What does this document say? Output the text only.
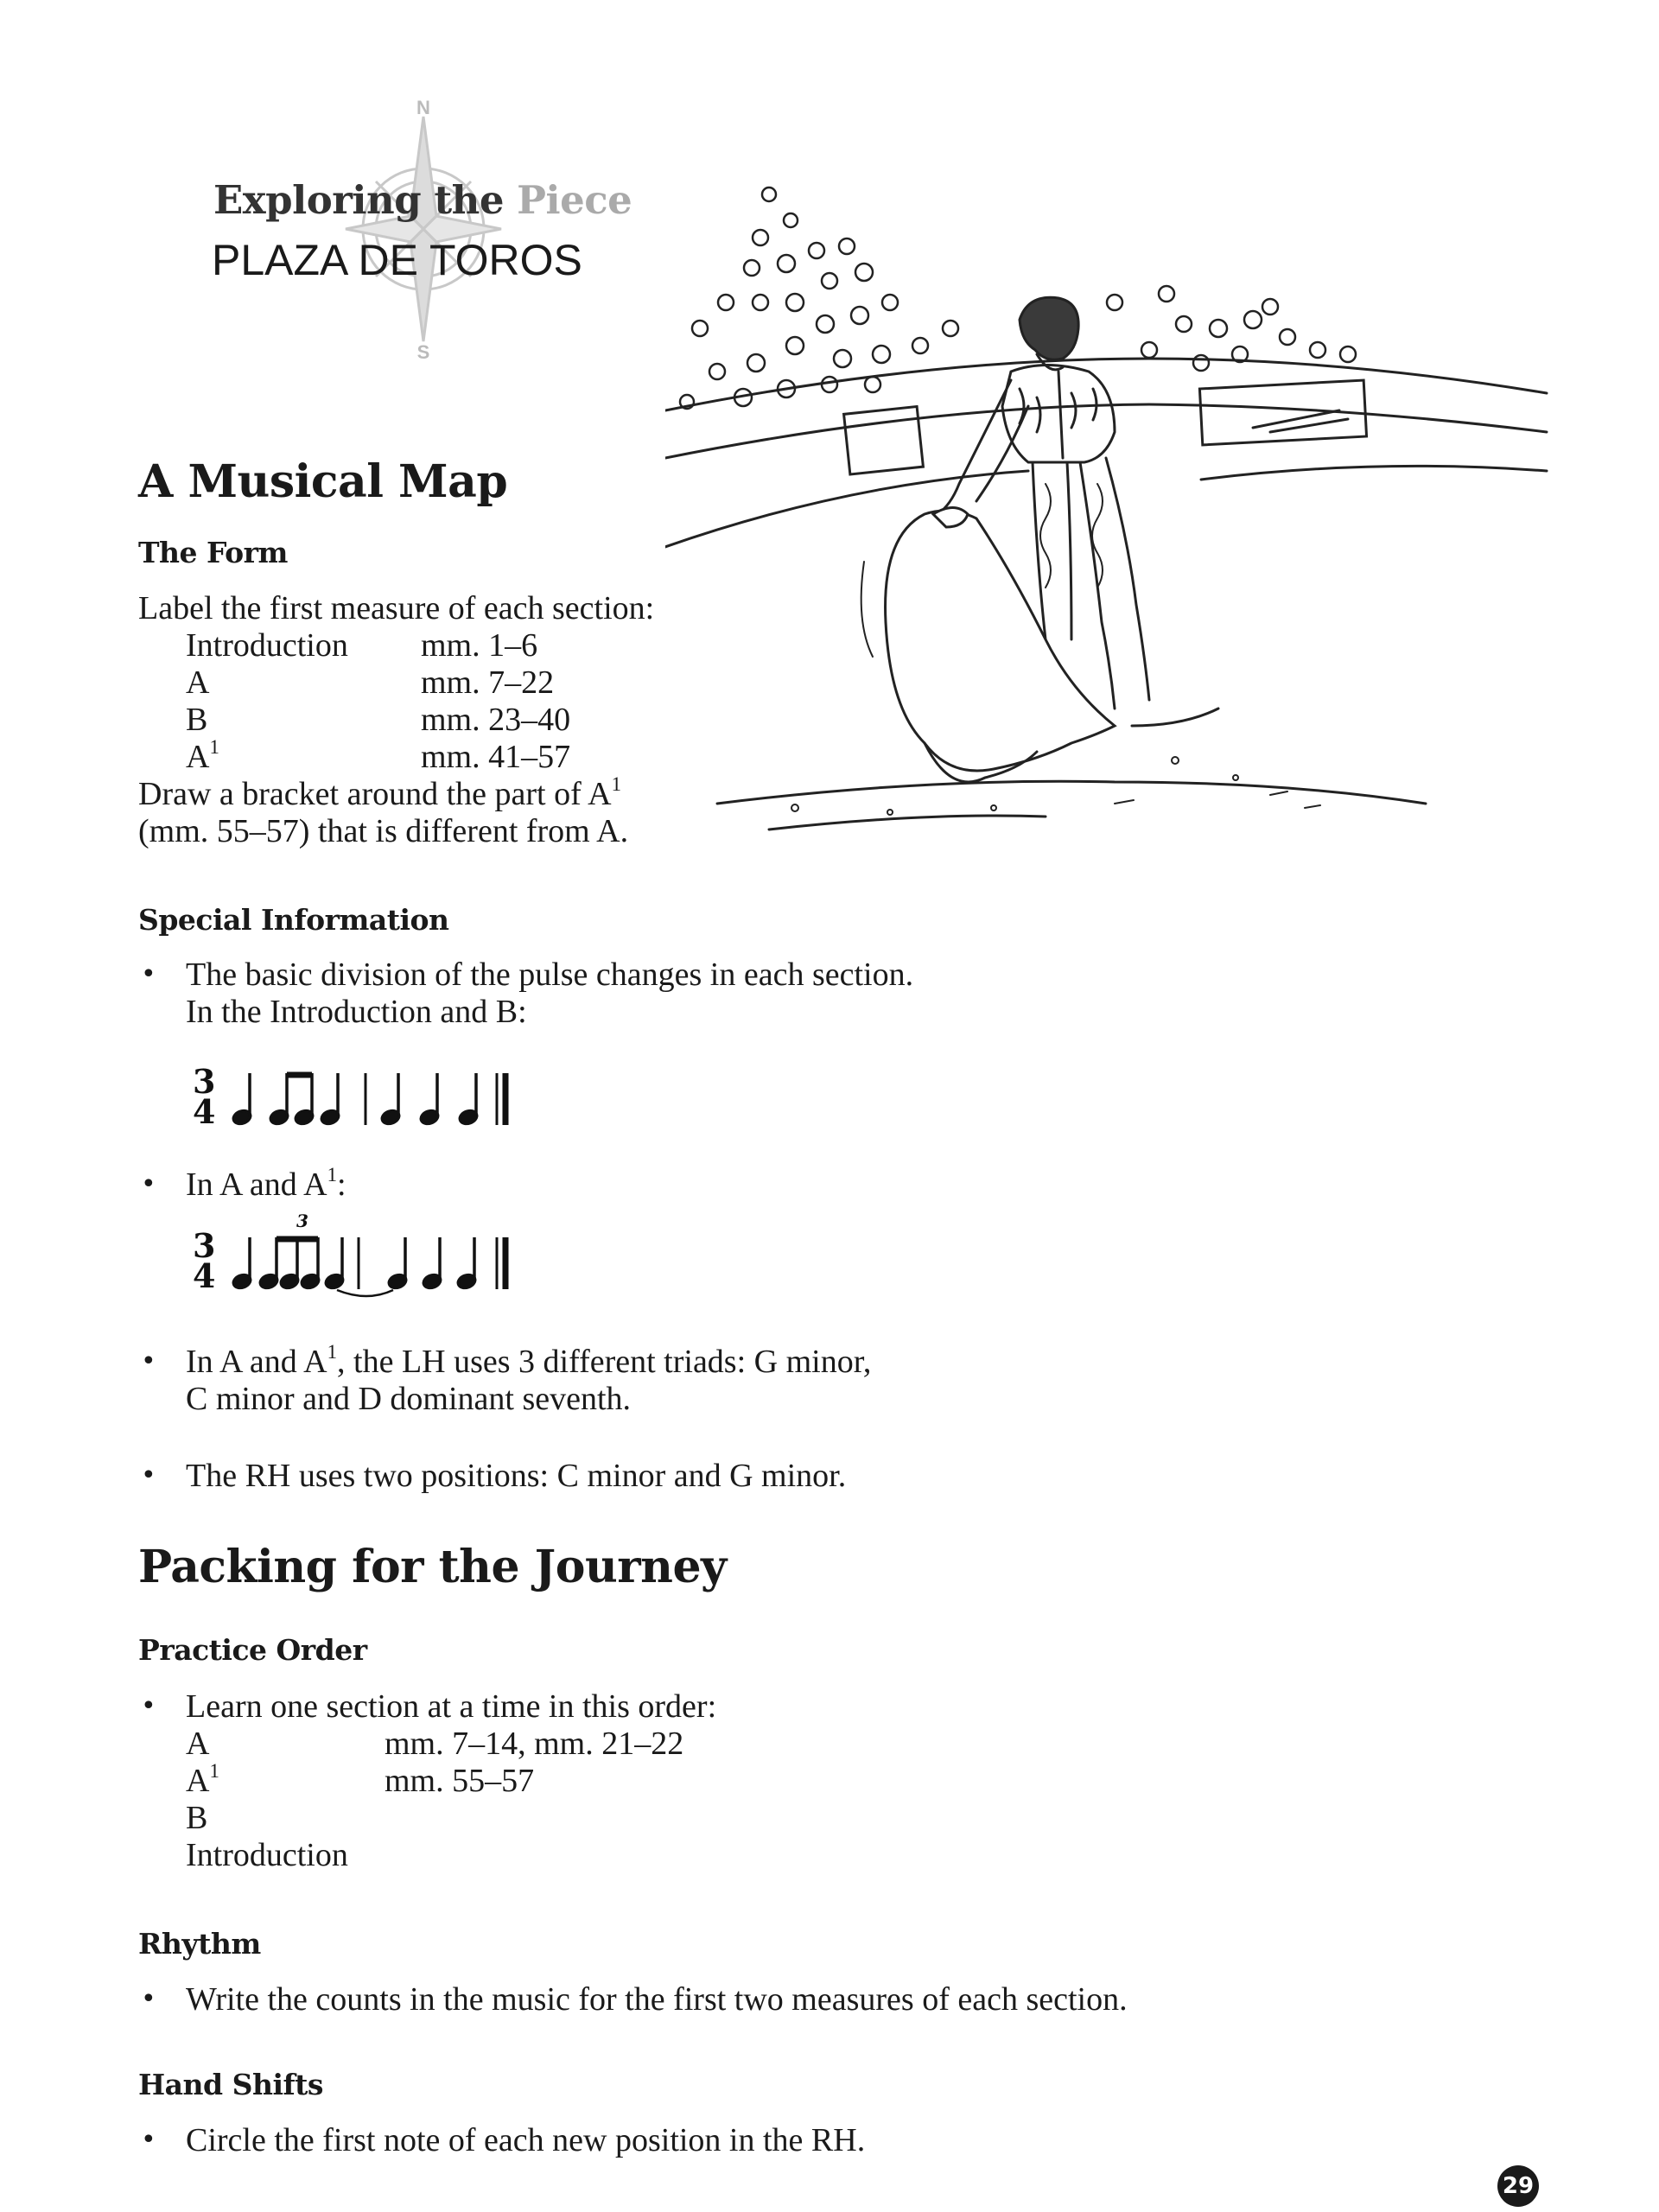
N
S
Exploring the Piece
PLAZA DE TOROS
A Musical Map
The Form
Label the first measure of each section:
Introduction mm. 1–6
A	mm. 7–22
B	mm. 23–40
$A^1$	mm. 41–57
Draw a bracket around the part of $A^1$
(mm. 55–57) that is different from A.
Special Information
• The basic division of the pulse changes in each section.
In the Introduction and B:
3
4
• In A and $A^1$:
3
4
3
• In A and $A^1$, the LH uses 3 different triads: G minor,
C minor and D dominant seventh.
• The RH uses two positions: C minor and G minor.
Packing for the Journey
Practice Order
• Learn one section at a time in this order:
A	mm. 7–14, mm. 21–22
$A^1$	mm. 55–57
B
Introduction
Rhythm
• Write the counts in the music for the first two measures of each section.
Hand Shifts
• Circle the first note of each new position in the RH.
29
